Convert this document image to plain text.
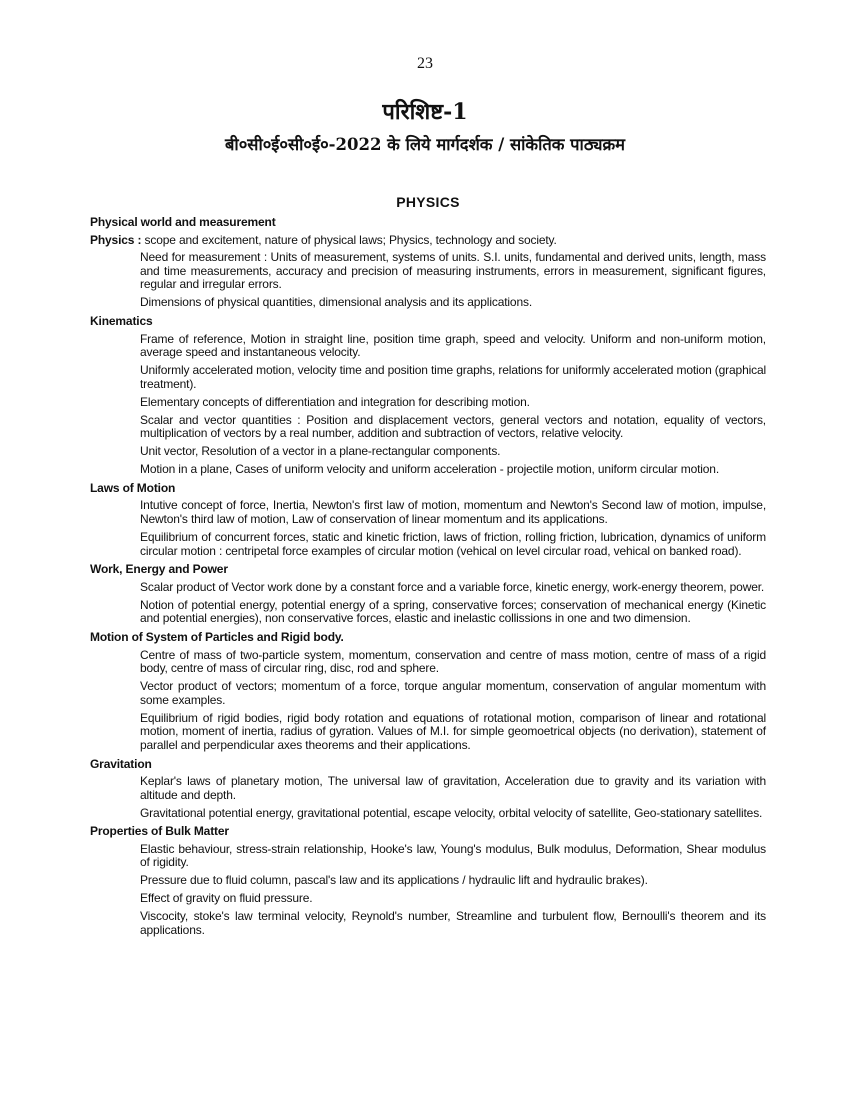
23
परिशिष्ट-1
बी०सी०ई०सी०ई०-2022 के लिये मार्गदर्शक / सांकेतिक पाठ्यक्रम
PHYSICS
Physical world and measurement
Physics : scope and excitement, nature of physical laws; Physics, technology and society.
Need for measurement : Units of measurement, systems of units. S.I. units, fundamental and derived units, length, mass and time measurements, accuracy and precision of measuring instruments, errors in measurement, significant figures, regular and irregular errors.
Dimensions of physical quantities, dimensional analysis and its applications.
Kinematics
Frame of reference, Motion in straight line, position time graph, speed and velocity. Uniform and non-uniform motion, average speed and instantaneous velocity.
Uniformly accelerated motion, velocity time and position time graphs, relations for uniformly accelerated motion (graphical treatment).
Elementary concepts of differentiation and integration for describing motion.
Scalar and vector quantities : Position and displacement vectors, general vectors and notation, equality of vectors, multiplication of vectors by a real number, addition and subtraction of vectors, relative velocity.
Unit vector, Resolution of a vector in a plane-rectangular components.
Motion in a plane, Cases of uniform velocity and uniform acceleration - projectile motion, uniform circular motion.
Laws of Motion
Intutive concept of force, Inertia, Newton's first law of motion, momentum and Newton's Second law of motion, impulse, Newton's third law of motion, Law of conservation of linear momentum and its applications.
Equilibrium of concurrent forces, static and kinetic friction, laws of friction, rolling friction, lubrication, dynamics of uniform circular motion : centripetal force examples of circular motion (vehical on level circular road, vehical on banked road).
Work, Energy and Power
Scalar product of Vector work done by a constant force and a variable force, kinetic energy, work-energy theorem, power.
Notion of potential energy, potential energy of a spring, conservative forces; conservation of mechanical energy (Kinetic and potential energies), non conservative forces, elastic and inelastic collissions in one and two dimension.
Motion of System of Particles and Rigid body.
Centre of mass of two-particle system, momentum, conservation and centre of mass motion, centre of mass of a rigid body, centre of mass of circular ring, disc, rod and sphere.
Vector product of vectors; momentum of a force, torque angular momentum, conservation of angular momentum with some examples.
Equilibrium of rigid bodies, rigid body rotation and equations of rotational motion, comparison of linear and rotational motion, moment of inertia, radius of gyration. Values of M.I. for simple geomoetrical objects (no derivation), statement of parallel and perpendicular axes theorems and their applications.
Gravitation
Keplar's laws of planetary motion, The universal law of gravitation, Acceleration due to gravity and its variation with altitude and depth.
Gravitational potential energy, gravitational potential, escape velocity, orbital velocity of satellite, Geo-stationary satellites.
Properties of Bulk Matter
Elastic behaviour, stress-strain relationship, Hooke's law, Young's modulus, Bulk modulus, Deformation, Shear modulus of rigidity.
Pressure due to fluid column, pascal's law and its applications / hydraulic lift and hydraulic brakes).
Effect of gravity on fluid pressure.
Viscocity, stoke's law terminal velocity, Reynold's number, Streamline and turbulent flow, Bernoulli's theorem and its applications.
